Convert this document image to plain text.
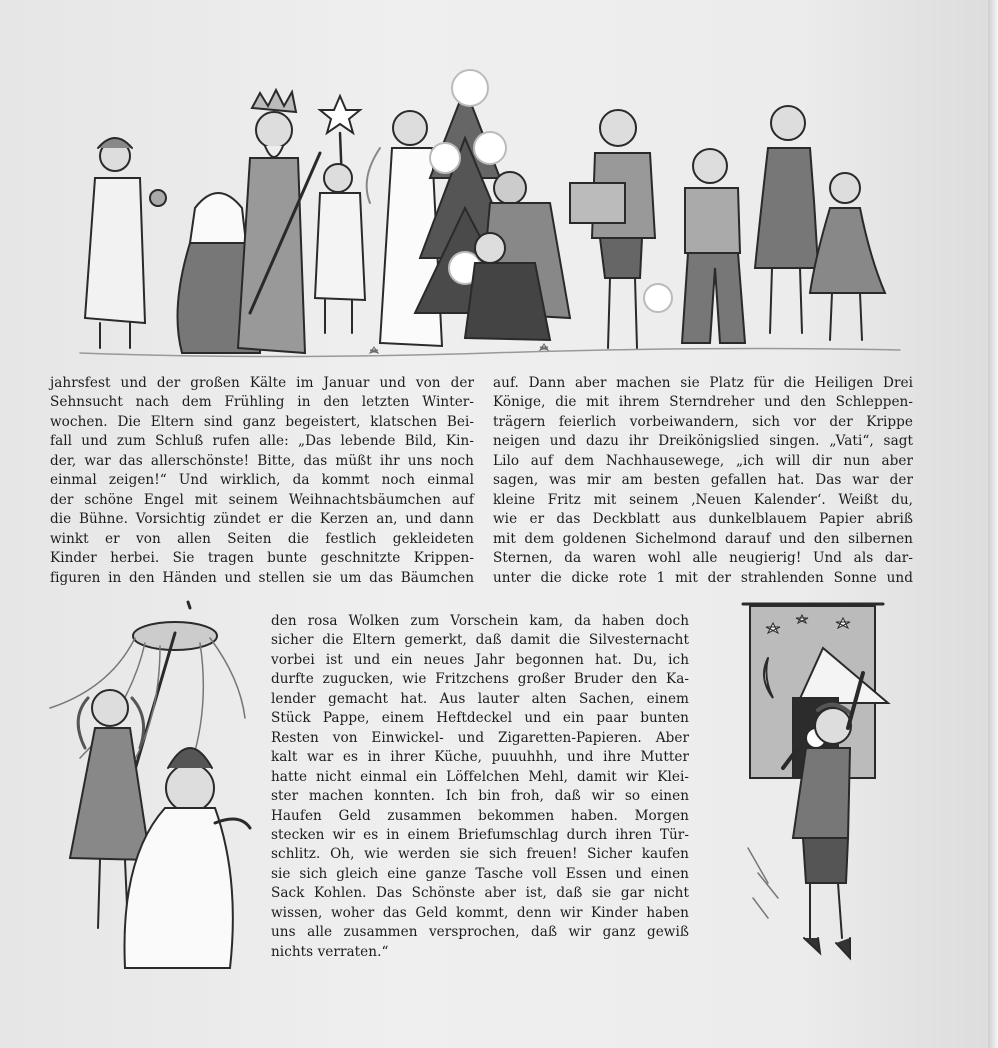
jahrsfest und der großen Kälte im Januar und von der
Sehnsucht nach dem Frühling in den letzten Winter-
wochen. Die Eltern sind ganz begeistert, klatschen Bei-
fall und zum Schluß rufen alle: „Das lebende Bild, Kin-
der, war das allerschönste! Bitte, das müßt ihr uns noch
einmal zeigen!“ Und wirklich, da kommt noch einmal
der schöne Engel mit seinem Weihnachtsbäumchen auf
die Bühne. Vorsichtig zündet er die Kerzen an, und dann
winkt er von allen Seiten die festlich gekleideten
Kinder herbei. Sie tragen bunte geschnitzte Krippen-
figuren in den Händen und stellen sie um das Bäumchen
auf. Dann aber machen sie Platz für die Heiligen Drei
Könige, die mit ihrem Sterndreher und den Schleppen-
trägern feierlich vorbeiwandern, sich vor der Krippe
neigen und dazu ihr Dreikönigslied singen. „Vati“, sagt
Lilo auf dem Nachhausewege, „ich will dir nun aber
sagen, was mir am besten gefallen hat. Das war der
kleine Fritz mit seinem ‚Neuen Kalender‘. Weißt du,
wie er das Deckblatt aus dunkelblauem Papier abriß
mit dem goldenen Sichelmond darauf und den silbernen
Sternen, da waren wohl alle neugierig! Und als dar-
unter die dicke rote 1 mit der strahlenden Sonne und
den rosa Wolken zum Vorschein kam, da haben doch
sicher die Eltern gemerkt, daß damit die Silvesternacht
vorbei ist und ein neues Jahr begonnen hat. Du, ich
durfte zugucken, wie Fritzchens großer Bruder den Ka-
lender gemacht hat. Aus lauter alten Sachen, einem
Stück Pappe, einem Heftdeckel und ein paar bunten
Resten von Einwickel- und Zigaretten-Papieren. Aber
kalt war es in ihrer Küche, puuuhhh, und ihre Mutter
hatte nicht einmal ein Löffelchen Mehl, damit wir Klei-
ster machen konnten. Ich bin froh, daß wir so einen
Haufen Geld zusammen bekommen haben. Morgen
stecken wir es in einem Briefumschlag durch ihren Tür-
schlitz. Oh, wie werden sie sich freuen! Sicher kaufen
sie sich gleich eine ganze Tasche voll Essen und einen
Sack Kohlen. Das Schönste aber ist, daß sie gar nicht
wissen, woher das Geld kommt, denn wir Kinder haben
uns alle zusammen versprochen, daß wir ganz gewiß
nichts verraten.“
